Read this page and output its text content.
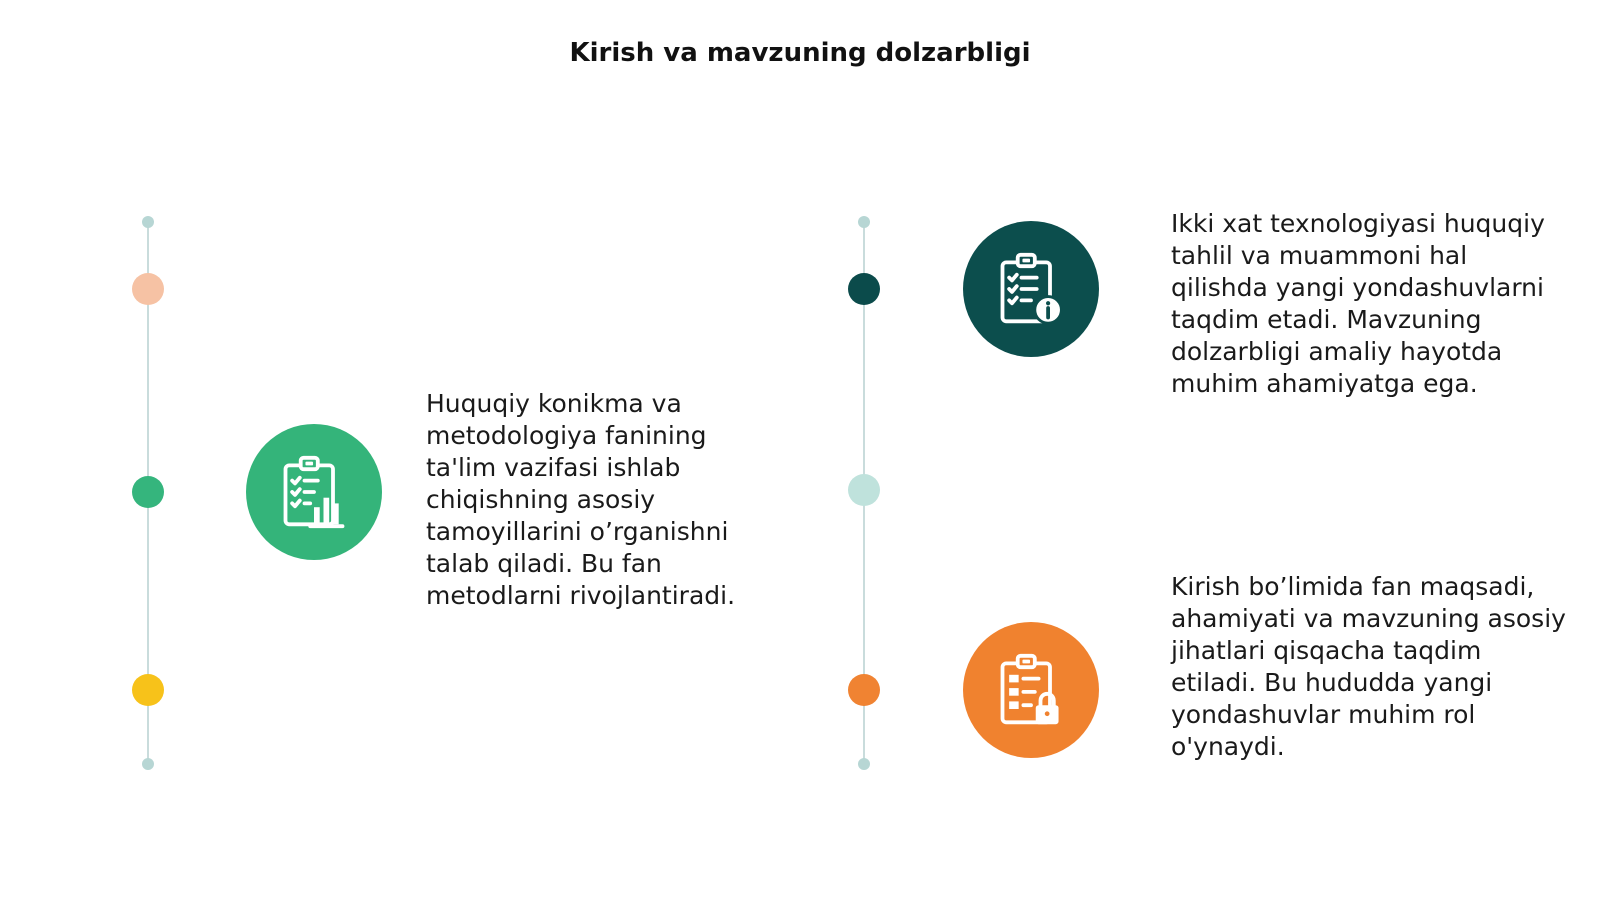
Kirish va mavzuning dolzarbligi
Huquqiy konikma va metodologiya fanining ta'lim vazifasi ishlab chiqishning asosiy tamoyillarini o’rganishni talab qiladi. Bu fan metodlarni rivojlantiradi.
Ikki xat texnologiyasi huquqiy tahlil va muammoni hal qilishda yangi yondashuvlarni taqdim etadi. Mavzuning dolzarbligi amaliy hayotda muhim ahamiyatga ega.
Kirish bo’limida fan maqsadi, ahamiyati va mavzuning asosiy jihatlari qisqacha taqdim etiladi. Bu hududda yangi yondashuvlar muhim rol o'ynaydi.
